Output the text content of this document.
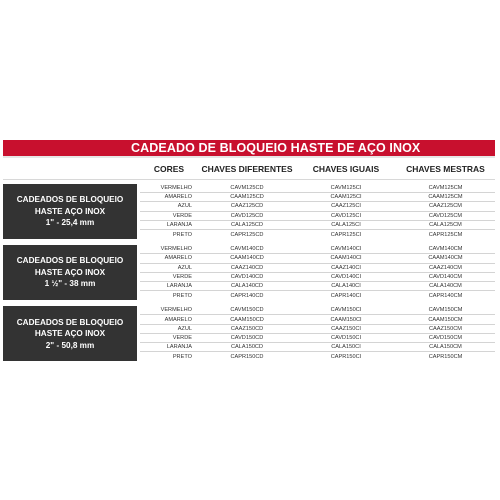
CADEADO DE BLOQUEIO HASTE DE AÇO INOX
CORES	CHAVES DIFERENTES	CHAVES IGUAIS	CHAVES MESTRAS
CADEADOS DE BLOQUEIO
HASTE AÇO INOX
1" - 25,4 mm
VERMELHO	CAVM125CD	CAVM125CI	CAVM125CM
AMARELO	CAAM125CD	CAAM125CI	CAAM125CM
AZUL	CAAZ125CD	CAAZ125CI	CAAZ125CM
VERDE	CAVD125CD	CAVD125CI	CAVD125CM
LARANJA	CALA125CD	CALA125CI	CALA125CM
PRETO	CAPR125CD	CAPR125CI	CAPR125CM
CADEADOS DE BLOQUEIO
HASTE AÇO INOX
1 ½" - 38 mm
VERMELHO	CAVM140CD	CAVM140CI	CAVM140CM
AMARELO	CAAM140CD	CAAM140CI	CAAM140CM
AZUL	CAAZ140CD	CAAZ140CI	CAAZ140CM
VERDE	CAVD140CD	CAVD140CI	CAVD140CM
LARANJA	CALA140CD	CALA140CI	CALA140CM
PRETO	CAPR140CD	CAPR140CI	CAPR140CM
CADEADOS DE BLOQUEIO
HASTE AÇO INOX
2" - 50,8 mm
VERMELHO	CAVM150CD	CAVM150CI	CAVM150CM
AMARELO	CAAM150CD	CAAM150CI	CAAM150CM
AZUL	CAAZ150CD	CAAZ150CI	CAAZ150CM
VERDE	CAVD150CD	CAVD150CI	CAVD150CM
LARANJA	CALA150CD	CALA150CI	CALA150CM
PRETO	CAPR150CD	CAPR150CI	CAPR150CM
